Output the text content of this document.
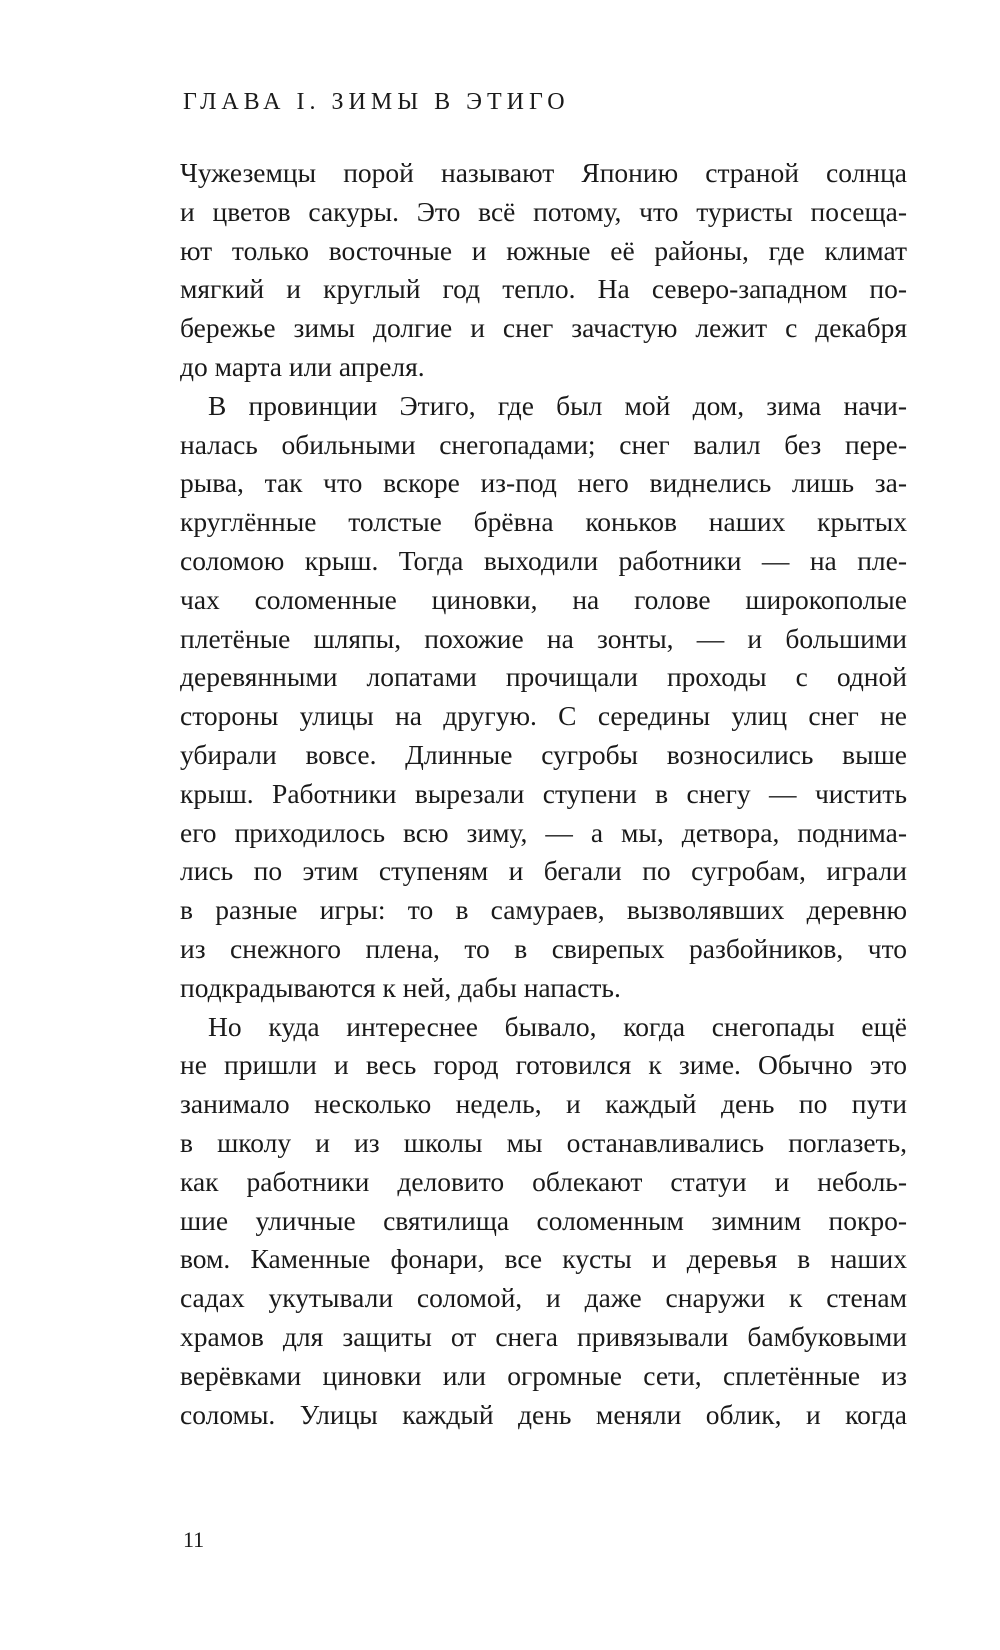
ГЛАВА I. ЗИМЫ В ЭТИГО
Чужеземцы порой называют Японию страной солнца
и цветов сакуры. Это всё потому, что туристы посеща-
ют только восточные и южные её районы, где климат
мягкий и круглый год тепло. На северо-западном по-
бережье зимы долгие и снег зачастую лежит с декабря
до марта или апреля.
В провинции Этиго, где был мой дом, зима начи-
налась обильными снегопадами; снег валил без пере-
рыва, так что вскоре из-под него виднелись лишь за-
круглённые толстые брёвна коньков наших крытых
соломою крыш. Тогда выходили работники — на пле-
чах соломенные циновки, на голове широкополые
плетёные шляпы, похожие на зонты, — и большими
деревянными лопатами прочищали проходы с одной
стороны улицы на другую. С середины улиц снег не
убирали вовсе. Длинные сугробы возносились выше
крыш. Работники вырезали ступени в снегу — чистить
его приходилось всю зиму, — а мы, детвора, поднима-
лись по этим ступеням и бегали по сугробам, играли
в разные игры: то в самураев, вызволявших деревню
из снежного плена, то в свирепых разбойников, что
подкрадываются к ней, дабы напасть.
Но куда интереснее бывало, когда снегопады ещё
не пришли и весь город готовился к зиме. Обычно это
занимало несколько недель, и каждый день по пути
в школу и из школы мы останавливались поглазеть,
как работники деловито облекают статуи и неболь-
шие уличные святилища соломенным зимним покро-
вом. Каменные фонари, все кусты и деревья в наших
садах укутывали соломой, и даже снаружи к стенам
храмов для защиты от снега привязывали бамбуковыми
верёвками циновки или огромные сети, сплетённые из
соломы. Улицы каждый день меняли облик, и когда
11
